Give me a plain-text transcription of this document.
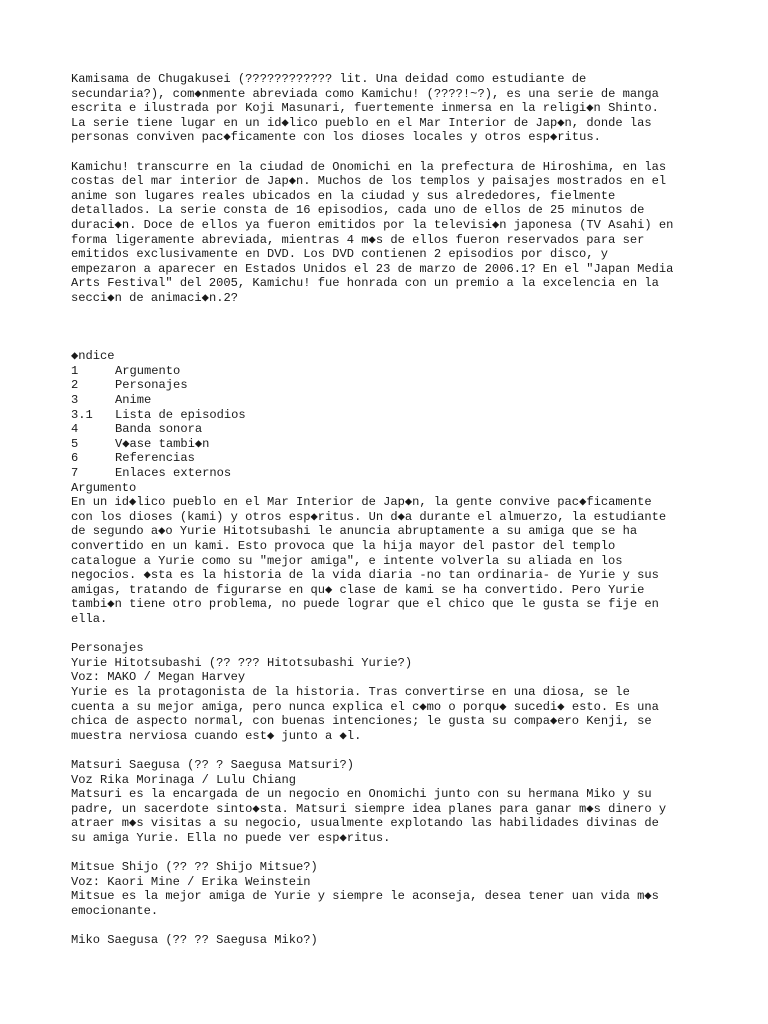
Kamisama de Chugakusei (???????????? lit. Una deidad como estudiante de
secundaria?), com◆nmente abreviada como Kamichu! (????!~?), es una serie de manga
escrita e ilustrada por Koji Masunari, fuertemente inmersa en la religi◆n Shinto.
La serie tiene lugar en un id◆lico pueblo en el Mar Interior de Jap◆n, donde las
personas conviven pac◆ficamente con los dioses locales y otros esp◆ritus.

Kamichu! transcurre en la ciudad de Onomichi en la prefectura de Hiroshima, en las
costas del mar interior de Jap◆n. Muchos de los templos y paisajes mostrados en el
anime son lugares reales ubicados en la ciudad y sus alrededores, fielmente
detallados. La serie consta de 16 episodios, cada uno de ellos de 25 minutos de
duraci◆n. Doce de ellos ya fueron emitidos por la televisi◆n japonesa (TV Asahi) en
forma ligeramente abreviada, mientras 4 m◆s de ellos fueron reservados para ser
emitidos exclusivamente en DVD. Los DVD contienen 2 episodios por disco, y
empezaron a aparecer en Estados Unidos el 23 de marzo de 2006.1? En el "Japan Media
Arts Festival" del 2005, Kamichu! fue honrada con un premio a la excelencia en la
secci◆n de animaci◆n.2?

◆ndice
1	Argumento
2	Personajes
3	Anime
3.1 Lista de episodios
4	Banda sonora
5	V◆ase tambi◆n
6	Referencias
7	Enlaces externos
Argumento

En un id◆lico pueblo en el Mar Interior de Jap◆n, la gente convive pac◆ficamente
con los dioses (kami) y otros esp◆ritus. Un d◆a durante el almuerzo, la estudiante
de segundo a◆o Yurie Hitotsubashi le anuncia abruptamente a su amiga que se ha
convertido en un kami. Esto provoca que la hija mayor del pastor del templo
catalogue a Yurie como su "mejor amiga", e intente volverla su aliada en los
negocios. ◆sta es la historia de la vida diaria -no tan ordinaria- de Yurie y sus
amigas, tratando de figurarse en qu◆ clase de kami se ha convertido. Pero Yurie
tambi◆n tiene otro problema, no puede lograr que el chico que le gusta se fije en
ella.

Personajes
Yurie Hitotsubashi (?? ??? Hitotsubashi Yurie?)
Voz: MAKO / Megan Harvey

Yurie es la protagonista de la historia. Tras convertirse en una diosa, se le
cuenta a su mejor amiga, pero nunca explica el c◆mo o porqu◆ sucedi◆ esto. Es una
chica de aspecto normal, con buenas intenciones; le gusta su compa◆ero Kenji, se
muestra nerviosa cuando est◆ junto a ◆l.

Matsuri Saegusa (?? ? Saegusa Matsuri?)
Voz Rika Morinaga / Lulu Chiang

Matsuri es la encargada de un negocio en Onomichi junto con su hermana Miko y su
padre, un sacerdote sinto◆sta. Matsuri siempre idea planes para ganar m◆s dinero y
atraer m◆s visitas a su negocio, usualmente explotando las habilidades divinas de
su amiga Yurie. Ella no puede ver esp◆ritus.

Mitsue Shijo (?? ?? Shijo Mitsue?)
Voz: Kaori Mine / Erika Weinstein

Mitsue es la mejor amiga de Yurie y siempre le aconseja, desea tener uan vida m◆s
emocionante.

Miko Saegusa (?? ?? Saegusa Miko?)
